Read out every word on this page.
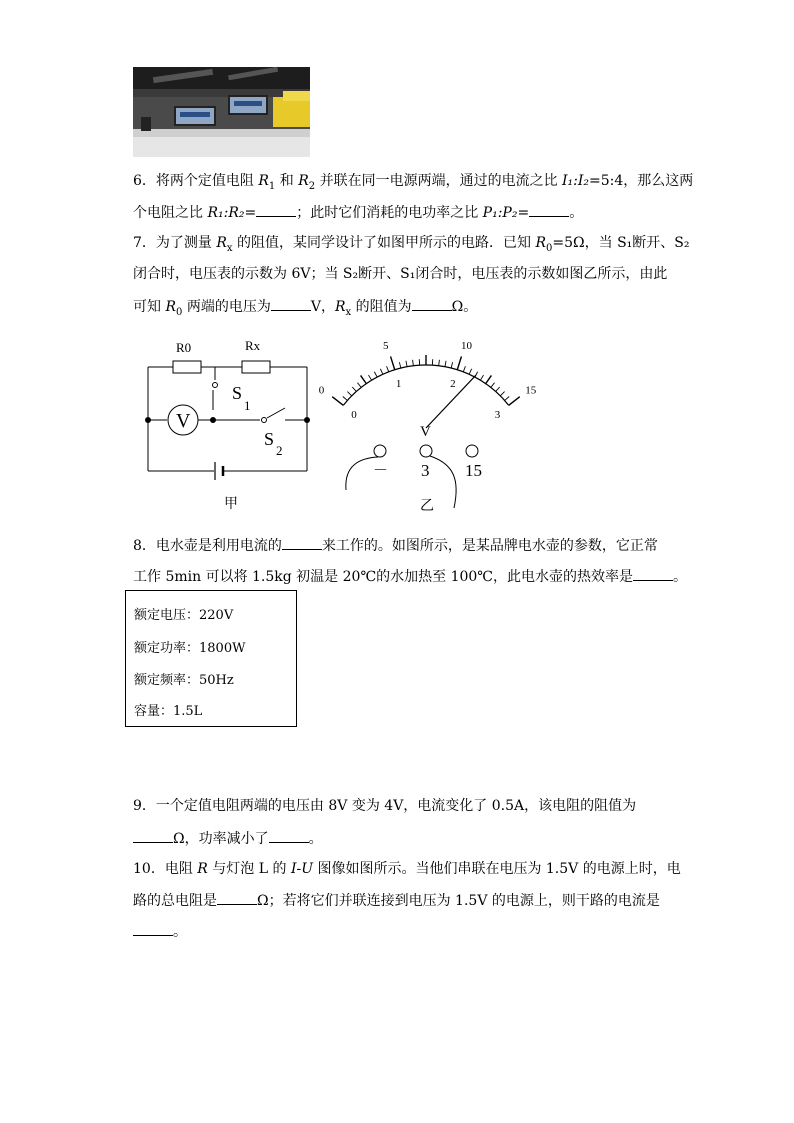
6．将两个定值电阻 $R_1$ 和 $R_2$ 并联在同一电源两端，通过的电流之比 I₁:I₂=5:4，那么这两
个电阻之比 R₁:R₂=	；此时它们消耗的电功率之比 P₁:P₂=	。
7．为了测量 $R_x$ 的阻值，某同学设计了如图甲所示的电路．已知 $R_0=5\Omega$，当 S₁断开、S₂
闭合时，电压表的示数为 6V；当 S₂断开、S₁闭合时，电压表的示数如图乙所示，由此
可知 $R_0$ 两端的电压为	V，$R_x$ 的阻值为	Ω。
R0	Rx
S
1
V
S
2
甲
0
5	10
15
0
1	2
3
V
－ 3 15
乙
8．电水壶是利用电流的	来工作的。如图所示，是某品牌电水壶的参数，它正常
工作 5min 可以将 1.5kg 初温是 20℃的水加热至 100℃，此电水壶的热效率是	。
额定电压：220V
额定功率：1800W
额定频率：50Hz
容量：1.5L
9．一个定值电阻两端的电压由 8V 变为 4V，电流变化了 0.5A，该电阻的阻值为
Ω，功率减小了	。
10．电阻 R 与灯泡 L 的 I-U 图像如图所示。当他们串联在电压为 1.5V 的电源上时，电
路的总电阻是	Ω；若将它们并联连接到电压为 1.5V 的电源上，则干路的电流是
。
